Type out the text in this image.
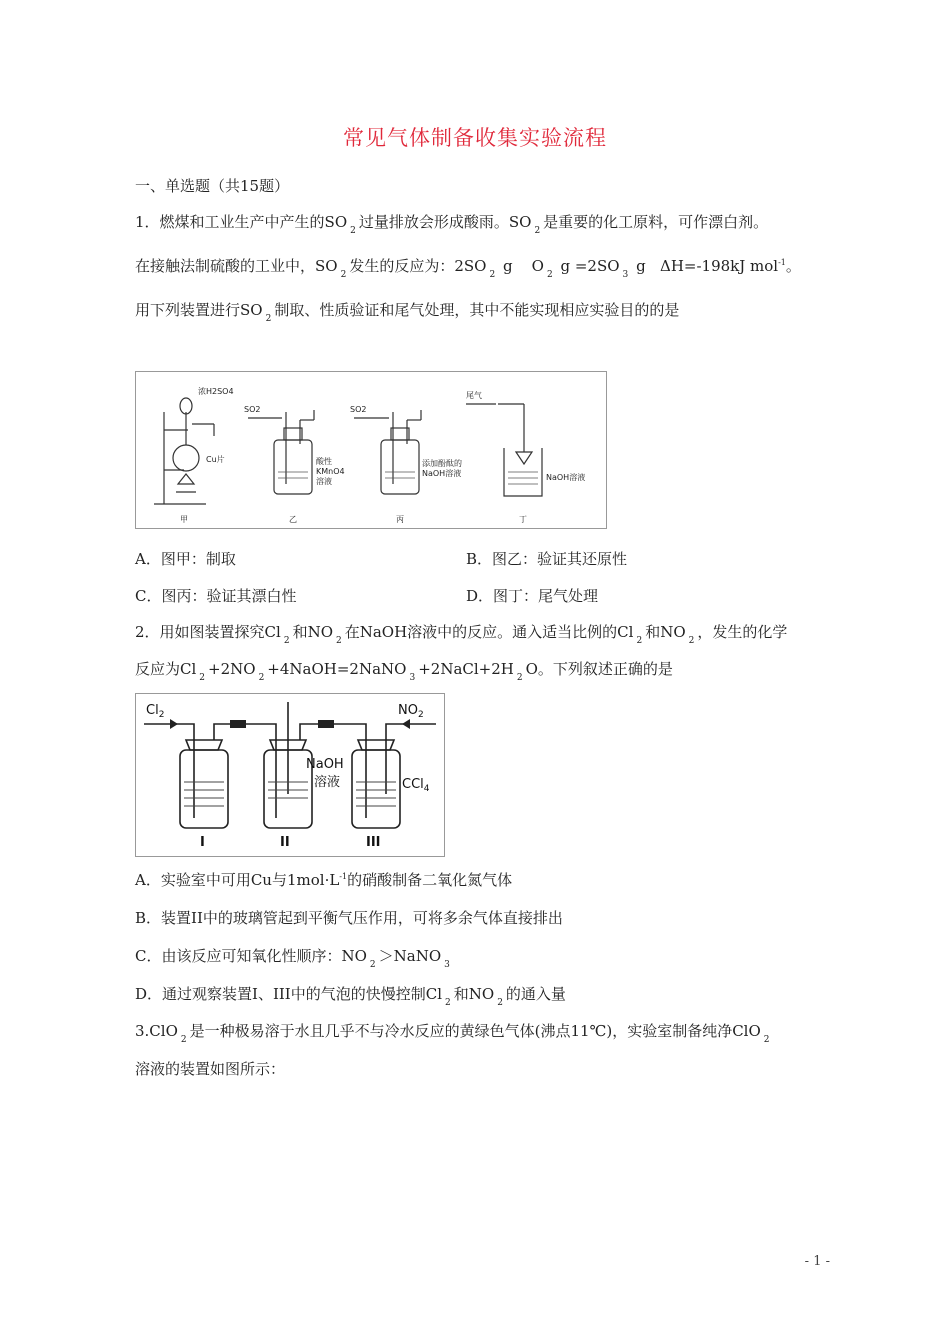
常见气体制备收集实验流程
一、单选题（共15题）
1．燃煤和工业生产中产生的SO $_2$ 过量排放会形成酸雨。SO $_2$ 是重要的化工原料，可作漂白剂。
在接触法制硫酸的工业中，SO $_2$ 发生的反应为：2SO $_2$ g O $_2$ g =2SO $_3$ g ΔH=-198kJ mol$^{-1}$。
用下列装置进行SO $_2$ 制取、性质验证和尾气处理，其中不能实现相应实验目的的是
浓H2SO4
Cu片
SO2	SO2
酸性
KMnO4
溶液
添加酚酞的
NaOH溶液
尾气
NaOH溶液
甲	乙	丙	丁
A．图甲：制取	B．图乙：验证其还原性
C．图丙：验证其漂白性	D．图丁：尾气处理
2．用如图装置探究Cl $_2$ 和NO $_2$ 在NaOH溶液中的反应。通入适当比例的Cl $_2$ 和NO $_2$ ，发生的化学
反应为Cl $_2$ +2NO $_2$ +4NaOH=2NaNO $_3$ +2NaCl+2H $_2$ O。下列叙述正确的是
$Cl_2$	$NO_2$
NaOH
溶液	CCl$_4$
I	II	III
A．实验室中可用Cu与$1mol\cdot L^{-1}$的硝酸制备二氧化氮气体
B．装置II中的玻璃管起到平衡气压作用，可将多余气体直接排出
C．由该反应可知氧化性顺序：NO $_2$ ＞NaNO $_3$
D．通过观察装置I、III中的气泡的快慢控制Cl $_2$ 和NO $_2$ 的通入量
3.ClO $_2$ 是一种极易溶于水且几乎不与冷水反应的黄绿色气体(沸点11℃)，实验室制备纯净ClO $_2$
溶液的装置如图所示：
- 1 -
